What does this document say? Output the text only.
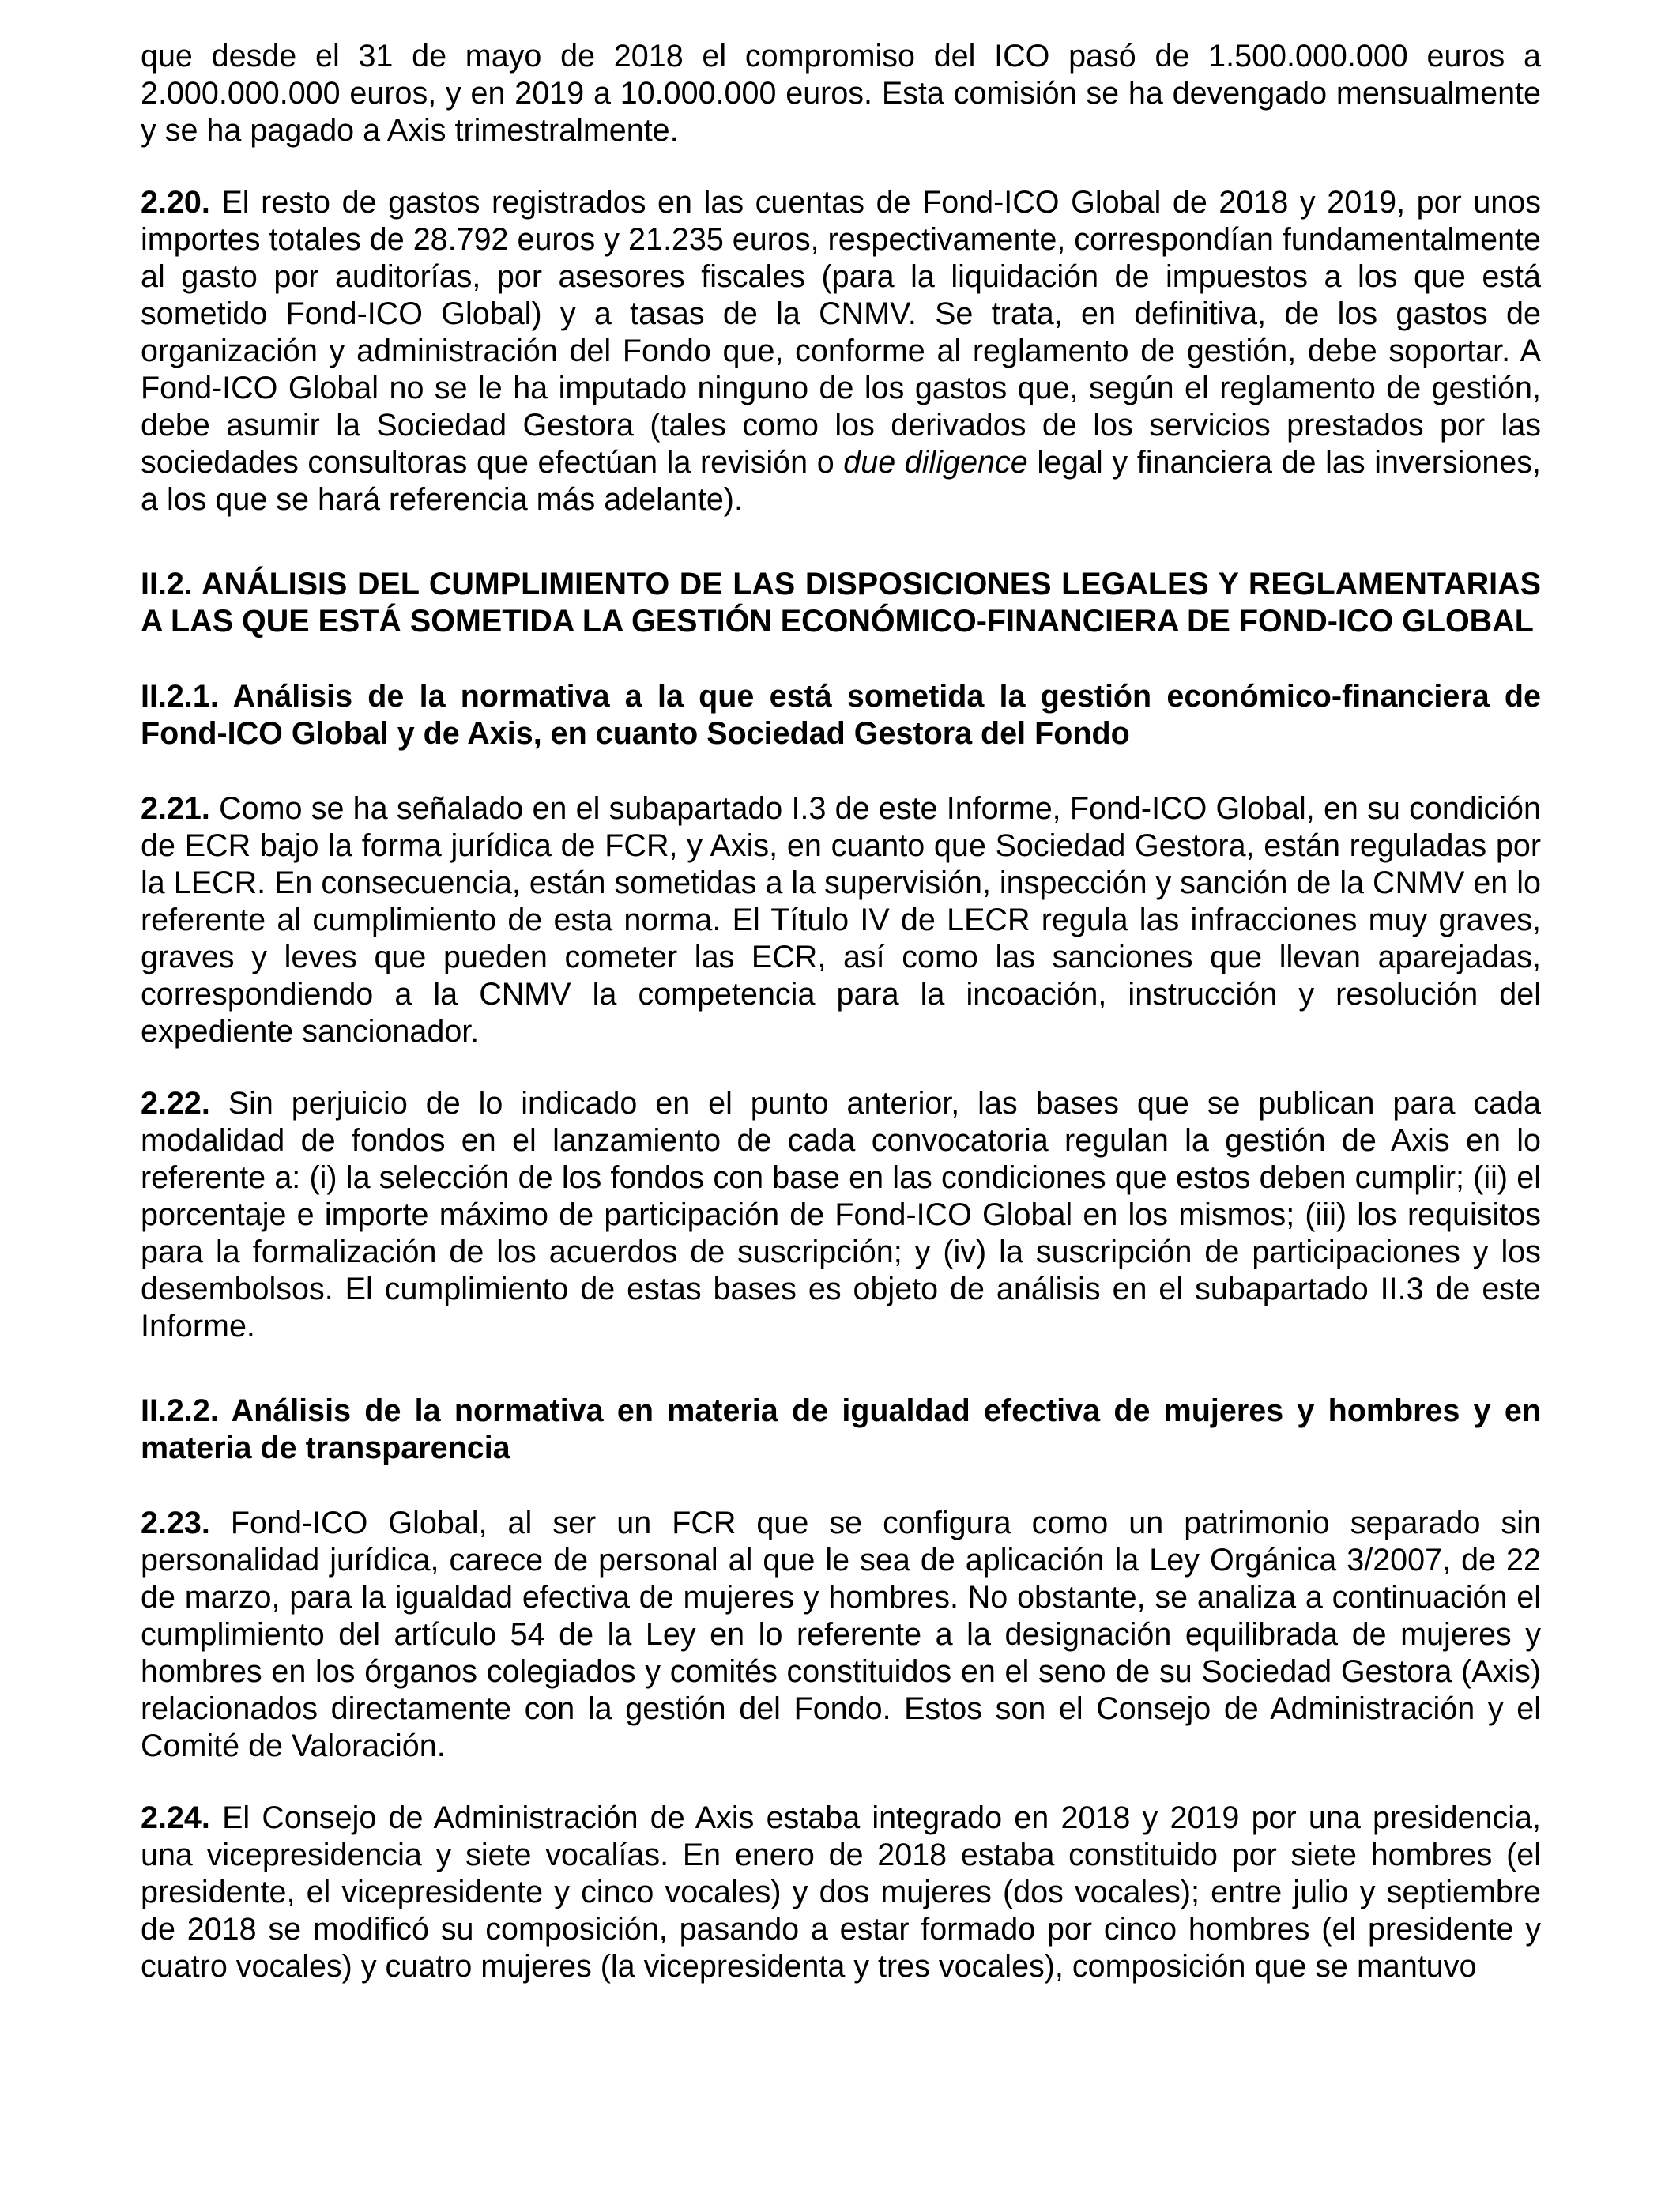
que desde el 31 de mayo de 2018 el compromiso del ICO pasó de 1.500.000.000 euros a 2.000.000.000 euros, y en 2019 a 10.000.000 euros. Esta comisión se ha devengado mensualmente y se ha pagado a Axis trimestralmente.

2.20. El resto de gastos registrados en las cuentas de Fond-ICO Global de 2018 y 2019, por unos importes totales de 28.792 euros y 21.235 euros, respectivamente, correspondían fundamentalmente al gasto por auditorías, por asesores fiscales (para la liquidación de impuestos a los que está sometido Fond-ICO Global) y a tasas de la CNMV. Se trata, en definitiva, de los gastos de organización y administración del Fondo que, conforme al reglamento de gestión, debe soportar. A Fond-ICO Global no se le ha imputado ninguno de los gastos que, según el reglamento de gestión, debe asumir la Sociedad Gestora (tales como los derivados de los servicios prestados por las sociedades consultoras que efectúan la revisión o due diligence legal y financiera de las inversiones, a los que se hará referencia más adelante).

II.2. ANÁLISIS DEL CUMPLIMIENTO DE LAS DISPOSICIONES LEGALES Y REGLAMENTARIAS A LAS QUE ESTÁ SOMETIDA LA GESTIÓN ECONÓMICO-FINANCIERA DE FOND-ICO GLOBAL

II.2.1. Análisis de la normativa a la que está sometida la gestión económico-financiera de Fond-ICO Global y de Axis, en cuanto Sociedad Gestora del Fondo

2.21. Como se ha señalado en el subapartado I.3 de este Informe, Fond-ICO Global, en su condición de ECR bajo la forma jurídica de FCR, y Axis, en cuanto que Sociedad Gestora, están reguladas por la LECR. En consecuencia, están sometidas a la supervisión, inspección y sanción de la CNMV en lo referente al cumplimiento de esta norma. El Título IV de LECR regula las infracciones muy graves, graves y leves que pueden cometer las ECR, así como las sanciones que llevan aparejadas, correspondiendo a la CNMV la competencia para la incoación, instrucción y resolución del expediente sancionador.

2.22. Sin perjuicio de lo indicado en el punto anterior, las bases que se publican para cada modalidad de fondos en el lanzamiento de cada convocatoria regulan la gestión de Axis en lo referente a: (i) la selección de los fondos con base en las condiciones que estos deben cumplir; (ii) el porcentaje e importe máximo de participación de Fond-ICO Global en los mismos; (iii) los requisitos para la formalización de los acuerdos de suscripción; y (iv) la suscripción de participaciones y los desembolsos. El cumplimiento de estas bases es objeto de análisis en el subapartado II.3 de este Informe.

II.2.2. Análisis de la normativa en materia de igualdad efectiva de mujeres y hombres y en materia de transparencia

2.23. Fond-ICO Global, al ser un FCR que se configura como un patrimonio separado sin personalidad jurídica, carece de personal al que le sea de aplicación la Ley Orgánica 3/2007, de 22 de marzo, para la igualdad efectiva de mujeres y hombres. No obstante, se analiza a continuación el cumplimiento del artículo 54 de la Ley en lo referente a la designación equilibrada de mujeres y hombres en los órganos colegiados y comités constituidos en el seno de su Sociedad Gestora (Axis) relacionados directamente con la gestión del Fondo. Estos son el Consejo de Administración y el Comité de Valoración.

2.24. El Consejo de Administración de Axis estaba integrado en 2018 y 2019 por una presidencia, una vicepresidencia y siete vocalías. En enero de 2018 estaba constituido por siete hombres (el presidente, el vicepresidente y cinco vocales) y dos mujeres (dos vocales); entre julio y septiembre de 2018 se modificó su composición, pasando a estar formado por cinco hombres (el presidente y cuatro vocales) y cuatro mujeres (la vicepresidenta y tres vocales), composición que se mantuvo
